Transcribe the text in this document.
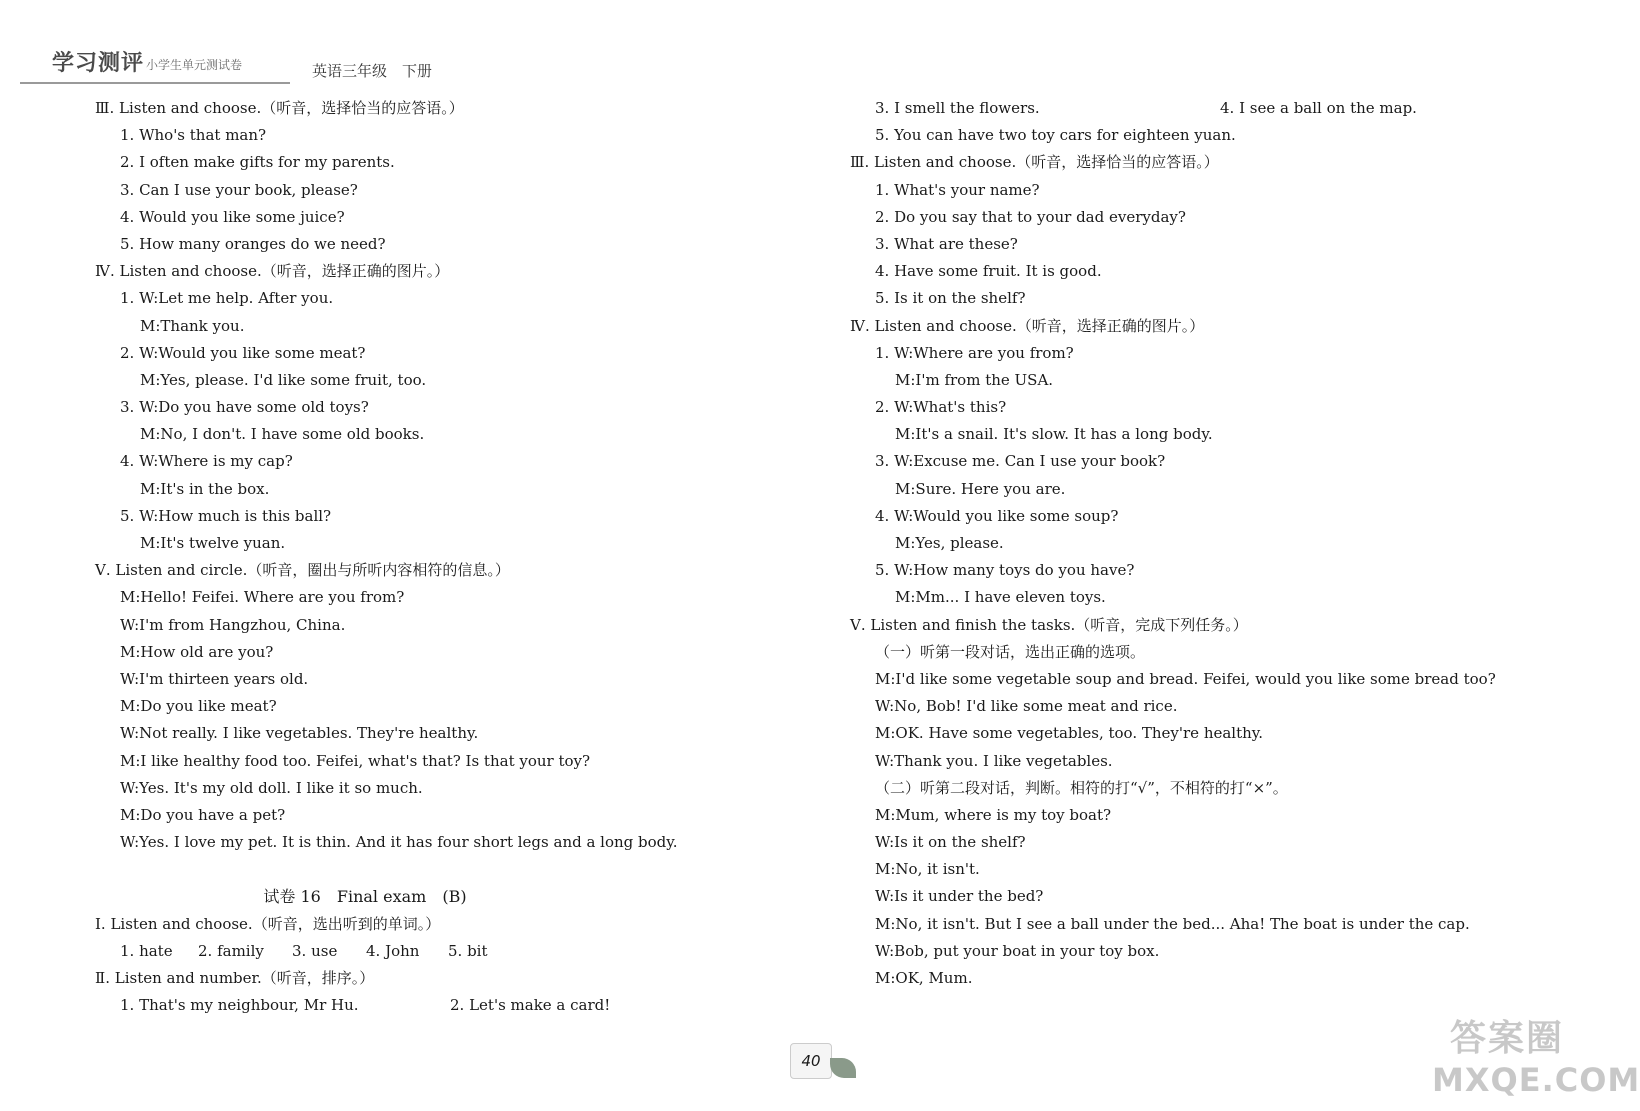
学习测评 小学生单元测试卷	英语三年级　下册
Ⅲ. Listen and choose.（听音，选择恰当的应答语。）
1. Who's that man?
2. I often make gifts for my parents.
3. Can I use your book, please?
4. Would you like some juice?
5. How many oranges do we need?
Ⅳ. Listen and choose.（听音，选择正确的图片。）
1. W:Let me help. After you.
M:Thank you.
2. W:Would you like some meat?
M:Yes, please. I'd like some fruit, too.
3. W:Do you have some old toys?
M:No, I don't. I have some old books.
4. W:Where is my cap?
M:It's in the box.
5. W:How much is this ball?
M:It's twelve yuan.
Ⅴ. Listen and circle.（听音，圈出与所听内容相符的信息。）
M:Hello! Feifei. Where are you from?
W:I'm from Hangzhou, China.
M:How old are you?
W:I'm thirteen years old.
M:Do you like meat?
W:Not really. I like vegetables. They're healthy.
M:I like healthy food too. Feifei, what's that? Is that your toy?
W:Yes. It's my old doll. I like it so much.
M:Do you have a pet?
W:Yes. I love my pet. It is thin. And it has four short legs and a long body.
试卷 16　Final exam　(B)
Ⅰ. Listen and choose.（听音，选出听到的单词。）
1. hate 2. family 3. use 4. John 5. bit
Ⅱ. Listen and number.（听音，排序。）
1. That's my neighbour, Mr Hu.	2. Let's make a card!
3. I smell the flowers.	4. I see a ball on the map.
5. You can have two toy cars for eighteen yuan.
Ⅲ. Listen and choose.（听音，选择恰当的应答语。）
1. What's your name?
2. Do you say that to your dad everyday?
3. What are these?
4. Have some fruit. It is good.
5. Is it on the shelf?
Ⅳ. Listen and choose.（听音，选择正确的图片。）
1. W:Where are you from?
M:I'm from the USA.
2. W:What's this?
M:It's a snail. It's slow. It has a long body.
3. W:Excuse me. Can I use your book?
M:Sure. Here you are.
4. W:Would you like some soup?
M:Yes, please.
5. W:How many toys do you have?
M:Mm... I have eleven toys.
Ⅴ. Listen and finish the tasks.（听音，完成下列任务。）
（一）听第一段对话，选出正确的选项。
M:I'd like some vegetable soup and bread. Feifei, would you like some bread too?
W:No, Bob! I'd like some meat and rice.
M:OK. Have some vegetables, too. They're healthy.
W:Thank you. I like vegetables.
（二）听第二段对话，判断。相符的打“√”，不相符的打“×”。
M:Mum, where is my toy boat?
W:Is it on the shelf?
M:No, it isn't.
W:Is it under the bed?
M:No, it isn't. But I see a ball under the bed... Aha! The boat is under the cap.
W:Bob, put your boat in your toy box.
M:OK, Mum.
40
答案圈
MXQE.COM
